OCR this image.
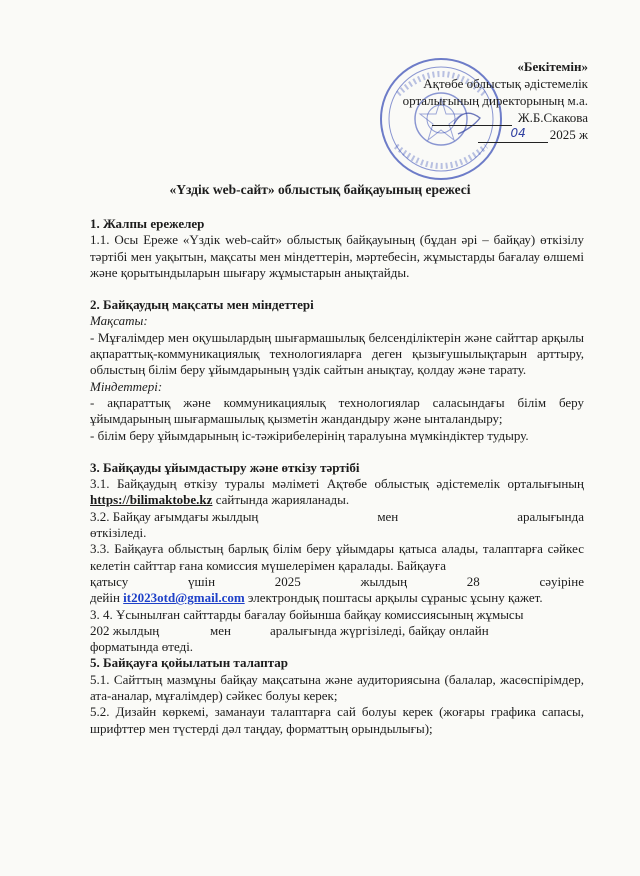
«Бекітемін»
Ақтөбе облыстық әдістемелік
орталығының директорының м.а.
Ж.Б.Скакова
04 2025 ж
«Үздік web-сайт» облыстық байқауының ережесі

1. Жалпы ережелер

1.1. Осы Ереже «Үздік web-сайт» облыстық байқауының (бұдан әрі – байқау) өткізілу тәртібі мен уақытын, мақсаты мен міндеттерін, мәртебесін, жұмыстарды бағалау өлшемі және қорытындыларын шығару жұмыстарын анықтайды.

2. Байқаудың мақсаты мен міндеттері

Мақсаты:

- Мұғалімдер мен оқушылардың шығармашылық белсенділіктерін және сайттар арқылы ақпараттық-коммуникациялық технологияларға деген қызығушылықтарын арттыру, облыстың білім беру ұйымдарының үздік сайтын анықтау, қолдау және тарату.

Міндеттері:

- ақпараттық және коммуникациялық технологиялар саласындағы білім беру ұйымдарының шығармашылық қызметін жандандыру және ынталандыру;

- білім беру ұйымдарының іс-тәжірибелерінің таралуына мүмкіндіктер тудыру.

3. Байқауды ұйымдастыру және өткізу тәртібі

3.1. Байқаудың өткізу туралы мәліметі Ақтөбе облыстық әдістемелік орталығының https://bilimaktobe.kz сайтында жарияланады.

3.2. Байқау ағымдағы жылдың	мен	аралығында

өткізіледі.

3.3. Байқауға облыстың барлық білім беру ұйымдары қатыса алады, талаптарға сәйкес келетін сайттар ғана комиссия мүшелерімен қаралады. Байқауға

қатысу	үшін	2025	жылдың	28	сәуіріне

дейін it2023otd@gmail.com электрондық поштасы арқылы сұраныс ұсыну қажет.

3. 4. Ұсынылған сайттарды бағалау бойынша байқау комиссиясының жұмысы

202 жылдың	мен	аралығында жүргізіледі, байқау онлайн

форматында өтеді.

5. Байқауға қойылатын талаптар

5.1. Сайттың мазмұны байқау мақсатына және аудиториясына (балалар, жасөспірімдер, ата-аналар, мұғалімдер) сәйкес болуы керек;

5.2. Дизайн көркемі, заманауи талаптарға сай болуы керек (жоғары графика сапасы, шрифттер мен түстерді дәл таңдау, форматтың орындылығы);
